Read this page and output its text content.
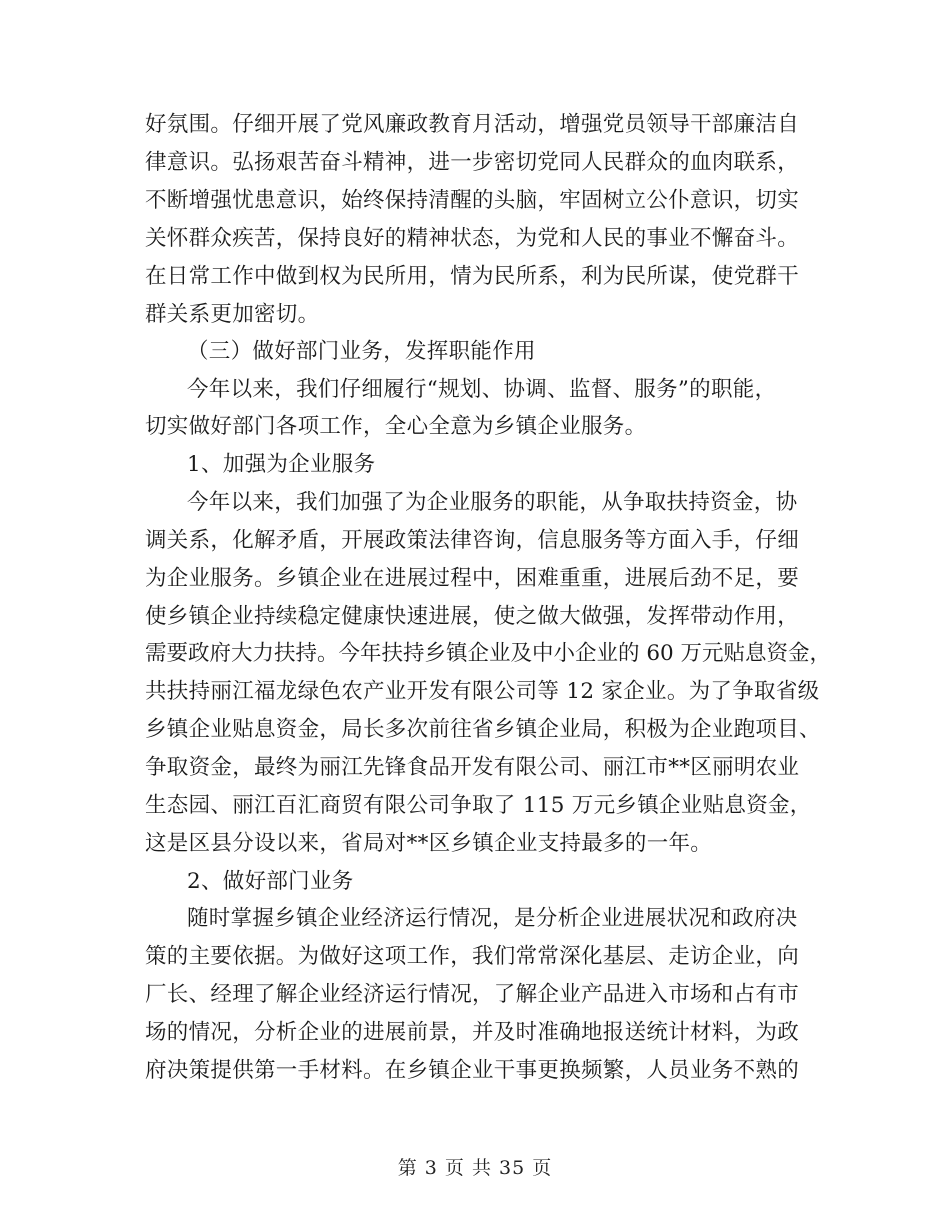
好氛围。仔细开展了党风廉政教育月活动，增强党员领导干部廉洁自
律意识。弘扬艰苦奋斗精神，进一步密切党同人民群众的血肉联系，
不断增强忧患意识，始终保持清醒的头脑，牢固树立公仆意识，切实
关怀群众疾苦，保持良好的精神状态，为党和人民的事业不懈奋斗。
在日常工作中做到权为民所用，情为民所系，利为民所谋，使党群干
群关系更加密切。
（三）做好部门业务，发挥职能作用
今年以来，我们仔细履行“规划、协调、监督、服务”的职能，
切实做好部门各项工作，全心全意为乡镇企业服务。
1、加强为企业服务
今年以来，我们加强了为企业服务的职能，从争取扶持资金，协
调关系，化解矛盾，开展政策法律咨询，信息服务等方面入手，仔细
为企业服务。乡镇企业在进展过程中，困难重重，进展后劲不足，要
使乡镇企业持续稳定健康快速进展，使之做大做强，发挥带动作用，
需要政府大力扶持。今年扶持乡镇企业及中小企业的 60 万元贴息资金，
共扶持丽江福龙绿色农产业开发有限公司等 12 家企业。为了争取省级
乡镇企业贴息资金，局长多次前往省乡镇企业局，积极为企业跑项目、
争取资金，最终为丽江先锋食品开发有限公司、丽江市**区丽明农业
生态园、丽江百汇商贸有限公司争取了 115 万元乡镇企业贴息资金，
这是区县分设以来，省局对**区乡镇企业支持最多的一年。
2、做好部门业务
随时掌握乡镇企业经济运行情况，是分析企业进展状况和政府决
策的主要依据。为做好这项工作，我们常常深化基层、走访企业，向
厂长、经理了解企业经济运行情况，了解企业产品进入市场和占有市
场的情况，分析企业的进展前景，并及时准确地报送统计材料，为政
府决策提供第一手材料。在乡镇企业干事更换频繁，人员业务不熟的
第 3 页 共 35 页
